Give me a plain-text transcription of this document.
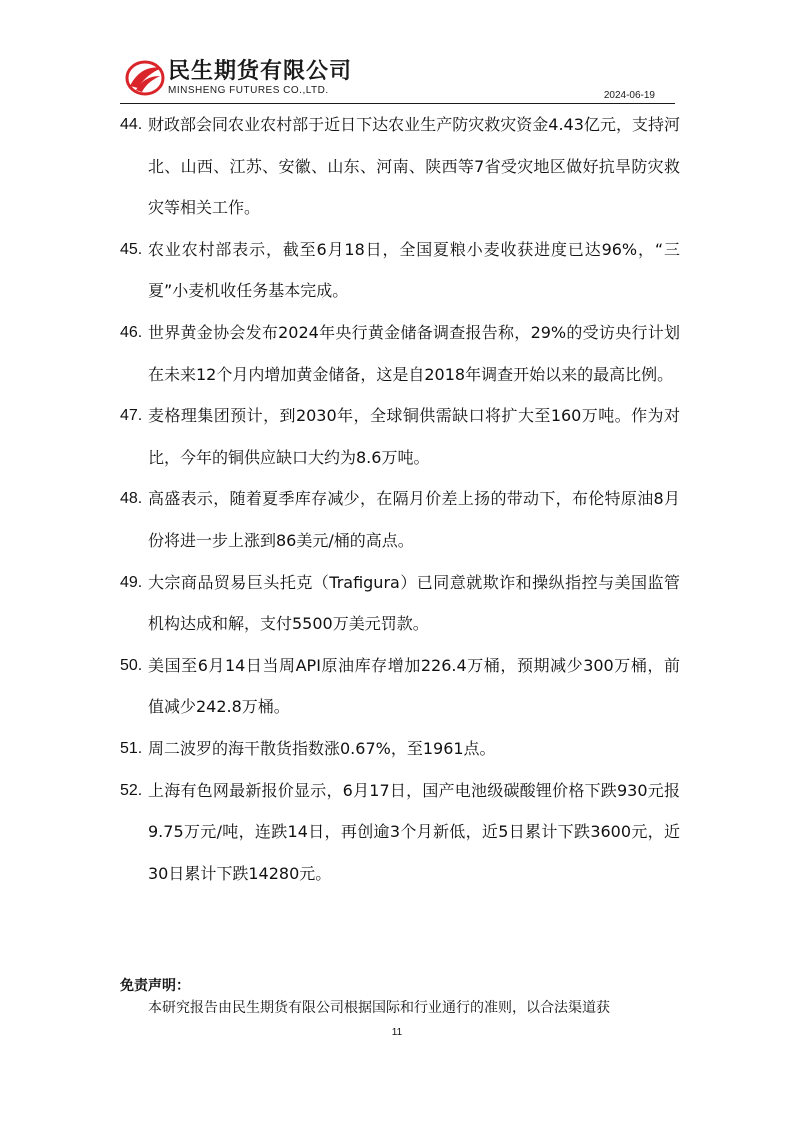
民生期货有限公司
MINSHENG FUTURES CO.,LTD.	2024-06-19
44. 财政部会同农业农村部于近日下达农业生产防灾救灾资金4.43亿元，支持河北、山西、江苏、安徽、山东、河南、陕西等7省受灾地区做好抗旱防灾救灾等相关工作。
45. 农业农村部表示，截至6月18日，全国夏粮小麦收获进度已达96%，“三夏”小麦机收任务基本完成。
46. 世界黄金协会发布2024年央行黄金储备调查报告称，29%的受访央行计划在未来12个月内增加黄金储备，这是自2018年调查开始以来的最高比例。
47. 麦格理集团预计，到2030年，全球铜供需缺口将扩大至160万吨。作为对比，今年的铜供应缺口大约为8.6万吨。
48. 高盛表示，随着夏季库存减少，在隔月价差上扬的带动下，布伦特原油8月份将进一步上涨到86美元/桶的高点。
49. 大宗商品贸易巨头托克（Trafigura）已同意就欺诈和操纵指控与美国监管机构达成和解，支付5500万美元罚款。
50. 美国至6月14日当周API原油库存增加226.4万桶，预期减少300万桶，前值减少242.8万桶。
51. 周二波罗的海干散货指数涨0.67%，至1961点。
52. 上海有色网最新报价显示，6月17日，国产电池级碳酸锂价格下跌930元报9.75万元/吨，连跌14日，再创逾3个月新低，近5日累计下跌3600元，近30日累计下跌14280元。
免责声明：
本研究报告由民生期货有限公司根据国际和行业通行的准则，以合法渠道获
11
